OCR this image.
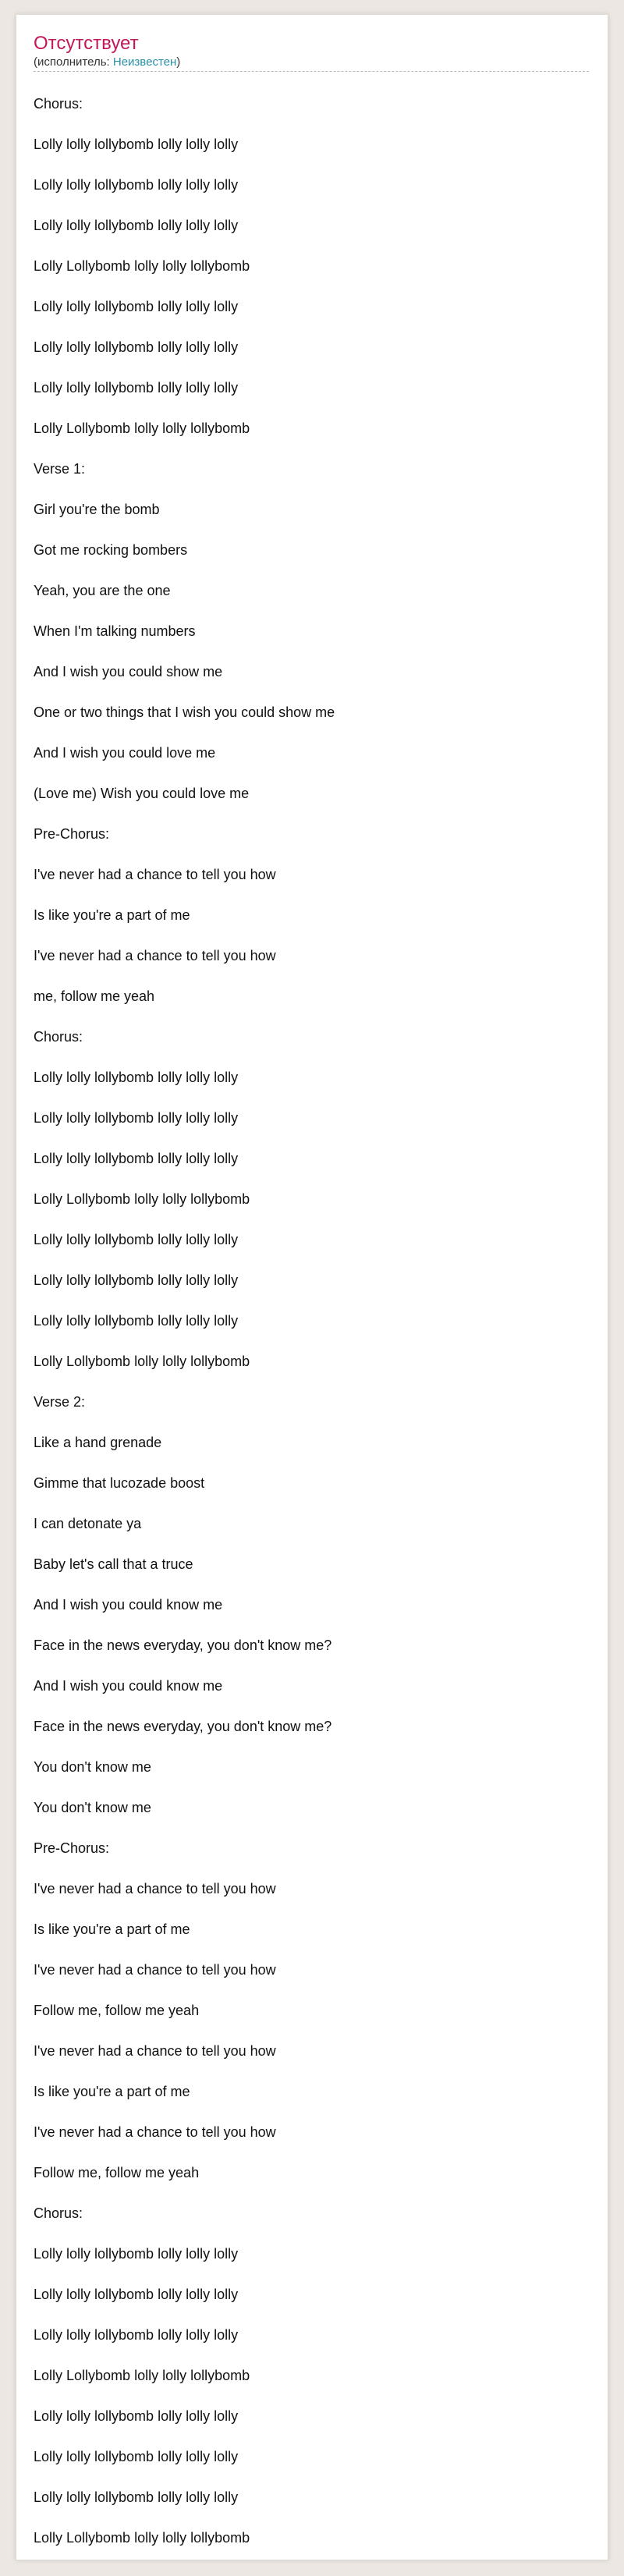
Отсутствует
(исполнитель: Неизвестен)
Chorus:
Lolly lolly lollybomb lolly lolly lolly
Lolly lolly lollybomb lolly lolly lolly
Lolly lolly lollybomb lolly lolly lolly
Lolly Lollybomb lolly lolly lollybomb
Lolly lolly lollybomb lolly lolly lolly
Lolly lolly lollybomb lolly lolly lolly
Lolly lolly lollybomb lolly lolly lolly
Lolly Lollybomb lolly lolly lollybomb
Verse 1:
Girl you're the bomb
Got me rocking bombers
Yeah, you are the one
When I'm talking numbers
And I wish you could show me
One or two things that I wish you could show me
And I wish you could love me
(Love me) Wish you could love me
Pre-Chorus:
I've never had a chance to tell you how
Is like you're a part of me
I've never had a chance to tell you how
me, follow me yeah
Chorus:
Lolly lolly lollybomb lolly lolly lolly
Lolly lolly lollybomb lolly lolly lolly
Lolly lolly lollybomb lolly lolly lolly
Lolly Lollybomb lolly lolly lollybomb
Lolly lolly lollybomb lolly lolly lolly
Lolly lolly lollybomb lolly lolly lolly
Lolly lolly lollybomb lolly lolly lolly
Lolly Lollybomb lolly lolly lollybomb
Verse 2:
Like a hand grenade
Gimme that lucozade boost
I can detonate ya
Baby let's call that a truce
And I wish you could know me
Face in the news everyday, you don't know me?
And I wish you could know me
Face in the news everyday, you don't know me?
You don't know me
You don't know me
Pre-Chorus:
I've never had a chance to tell you how
Is like you're a part of me
I've never had a chance to tell you how
Follow me, follow me yeah
I've never had a chance to tell you how
Is like you're a part of me
I've never had a chance to tell you how
Follow me, follow me yeah
Chorus:
Lolly lolly lollybomb lolly lolly lolly
Lolly lolly lollybomb lolly lolly lolly
Lolly lolly lollybomb lolly lolly lolly
Lolly Lollybomb lolly lolly lollybomb
Lolly lolly lollybomb lolly lolly lolly
Lolly lolly lollybomb lolly lolly lolly
Lolly lolly lollybomb lolly lolly lolly
Lolly Lollybomb lolly lolly lollybomb
